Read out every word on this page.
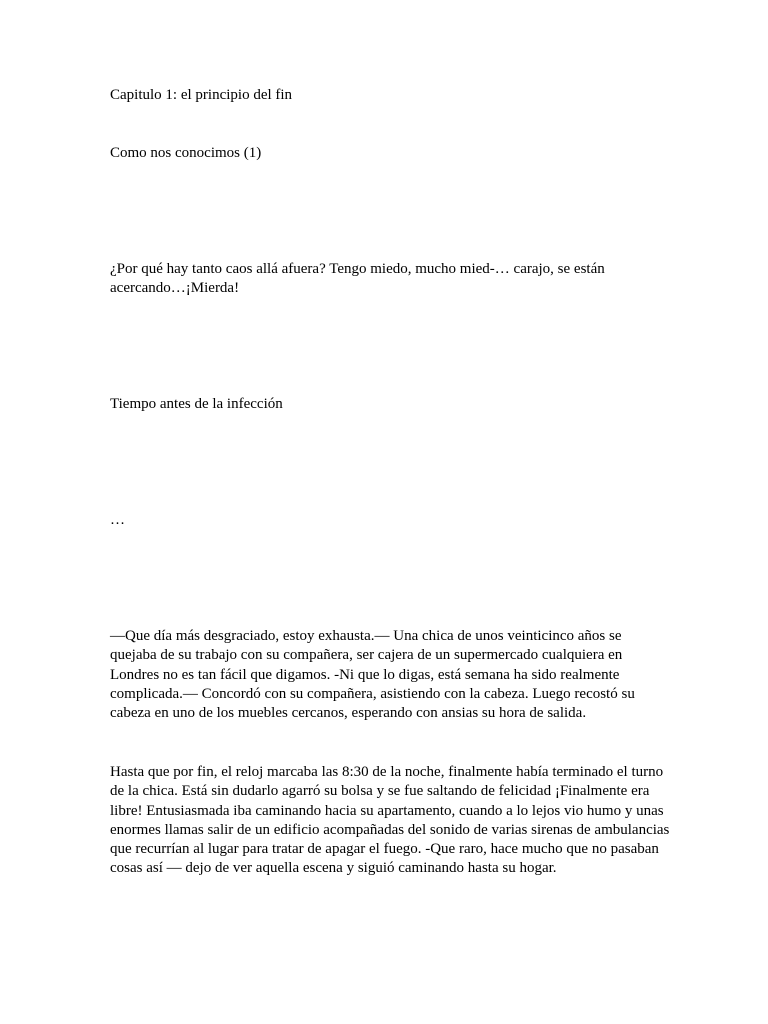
Capitulo 1: el principio del fin

Como nos conocimos (1)

¿Por qué hay tanto caos allá afuera? Tengo miedo, mucho mied-… carajo, se están acercando…¡Mierda!

Tiempo antes de la infección

…

—Que día más desgraciado, estoy exhausta.— Una chica de unos veinticinco años se quejaba de su trabajo con su compañera, ser cajera de un supermercado cualquiera en Londres no es tan fácil que digamos. -Ni que lo digas, está semana ha sido realmente complicada.— Concordó con su compañera, asistiendo con la cabeza. Luego recostó su cabeza en uno de los muebles cercanos, esperando con ansias su hora de salida.

Hasta que por fin, el reloj marcaba las 8:30 de la noche, finalmente había terminado el turno de la chica. Está sin dudarlo agarró su bolsa y se fue saltando de felicidad ¡Finalmente era libre! Entusiasmada iba caminando hacia su apartamento, cuando a lo lejos vio humo y unas enormes llamas salir de un edificio acompañadas del sonido de varias sirenas de ambulancias que recurrían al lugar para tratar de apagar el fuego. -Que raro, hace mucho que no pasaban cosas así — dejo de ver aquella escena y siguió caminando hasta su hogar.
